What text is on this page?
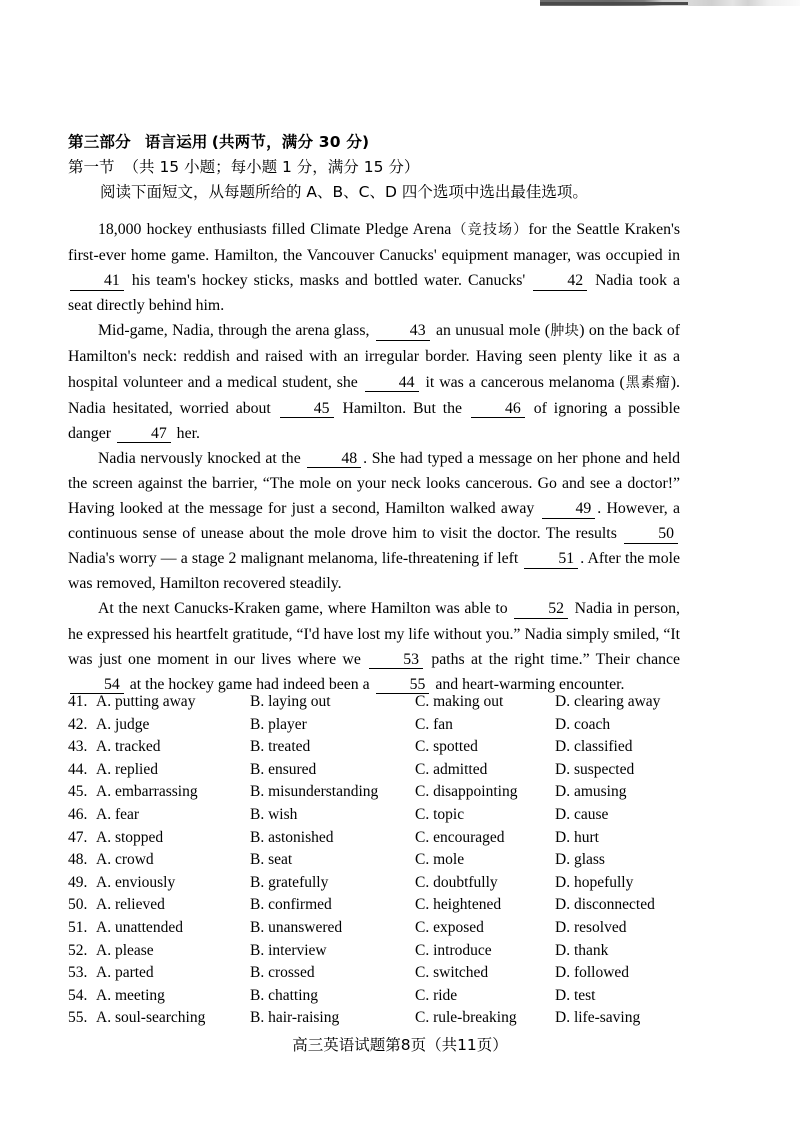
第三部分 语言运用 (共两节，满分 30 分)
第一节 （共 15 小题；每小题 1 分，满分 15 分）
阅读下面短文，从每题所给的 A、B、C、D 四个选项中选出最佳选项。

18,000 hockey enthusiasts filled Climate Pledge Arena（竞技场）for the Seattle Kraken's first-ever home game. Hamilton, the Vancouver Canucks' equipment manager, was occupied in 41 his team's hockey sticks, masks and bottled water. Canucks' 42 Nadia took a seat directly behind him.

Mid-game, Nadia, through the arena glass, 43 an unusual mole (肿块) on the back of Hamilton's neck: reddish and raised with an irregular border. Having seen plenty like it as a hospital volunteer and a medical student, she 44 it was a cancerous melanoma (黑素瘤). Nadia hesitated, worried about 45 Hamilton. But the 46 of ignoring a possible danger 47 her.

Nadia nervously knocked at the 48 . She had typed a message on her phone and held the screen against the barrier, “The mole on your neck looks cancerous. Go and see a doctor!” Having looked at the message for just a second, Hamilton walked away 49 . However, a continuous sense of unease about the mole drove him to visit the doctor. The results 50 Nadia's worry — a stage 2 malignant melanoma, life-threatening if left 51 . After the mole was removed, Hamilton recovered steadily.

At the next Canucks-Kraken game, where Hamilton was able to 52 Nadia in person, he expressed his heartfelt gratitude, “I'd have lost my life without you.” Nadia simply smiled, “It was just one moment in our lives where we 53 paths at the right time.” Their chance 54 at the hockey game had indeed been a 55 and heart-warming encounter.

41. A. putting away	B. laying out	C. making out	D. clearing away
42. A. judge	B. player	C. fan	D. coach
43. A. tracked	B. treated	C. spotted	D. classified
44. A. replied	B. ensured	C. admitted	D. suspected
45. A. embarrassing	B. misunderstanding C. disappointing D. amusing
46. A. fear	B. wish	C. topic	D. cause
47. A. stopped	B. astonished	C. encouraged	D. hurt
48. A. crowd	B. seat	C. mole	D. glass
49. A. enviously	B. gratefully	C. doubtfully	D. hopefully
50. A. relieved	B. confirmed	C. heightened	D. disconnected
51. A. unattended	B. unanswered	C. exposed	D. resolved
52. A. please	B. interview	C. introduce	D. thank
53. A. parted	B. crossed	C. switched	D. followed
54. A. meeting	B. chatting	C. ride	D. test
55. A. soul-searching	B. hair-raising	C. rule-breaking D. life-saving
高三英语试题第8页（共11页）
